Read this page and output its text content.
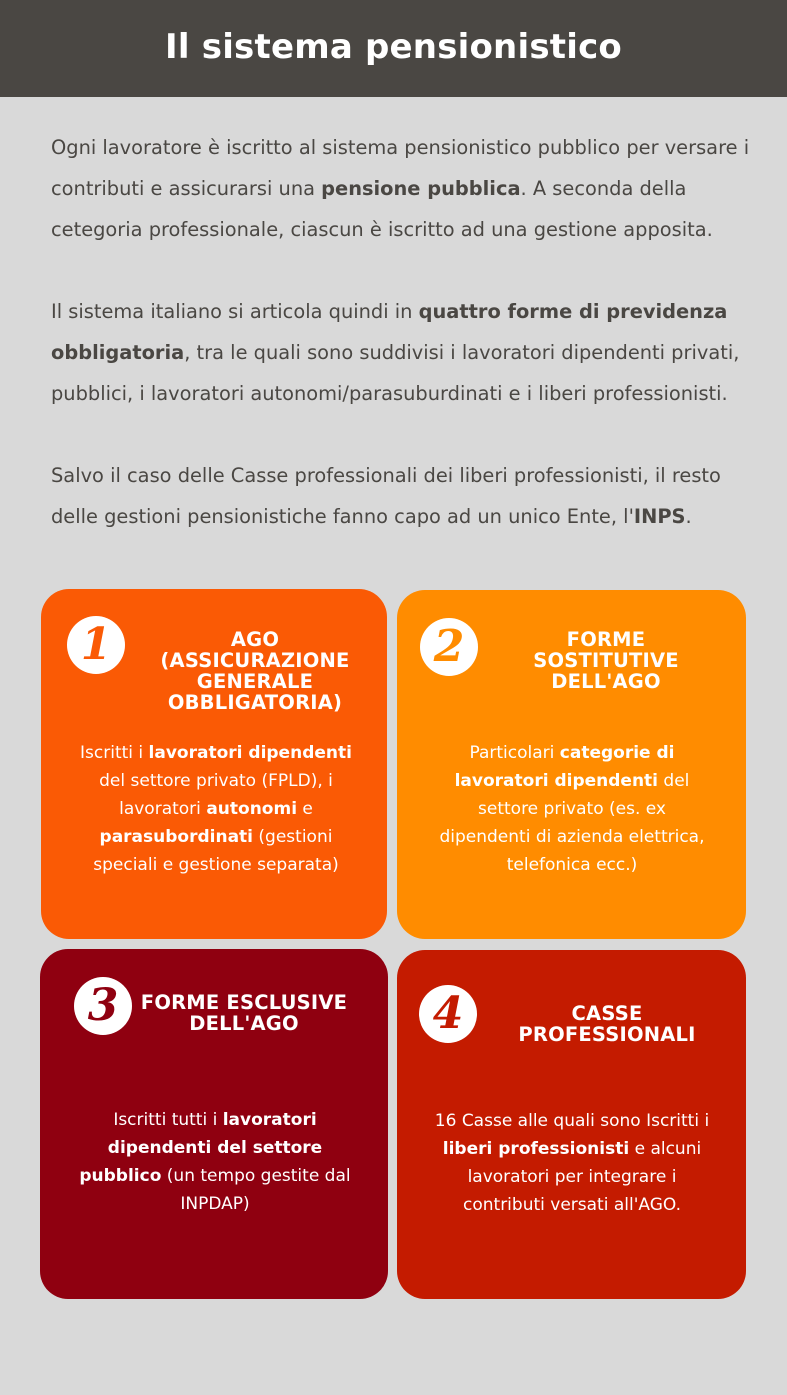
Il sistema pensionistico

Ogni lavoratore è iscritto al sistema pensionistico pubblico per versare i contributi e assicurarsi una pensione pubblica. A seconda della cetegoria professionale, ciascun è iscritto ad una gestione apposita.

Il sistema italiano si articola quindi in quattro forme di previdenza obbligatoria, tra le quali sono suddivisi i lavoratori dipendenti privati, pubblici, i lavoratori autonomi/parasuburdinati e i liberi professionisti.

Salvo il caso delle Casse professionali dei liberi professionisti, il resto delle gestioni pensionistiche fanno capo ad un unico Ente, l'INPS.

1	AGO (ASSICURAZIONE GENERALE OBBLIGATORIA)
Iscritti i lavoratori dipendenti del settore privato (FPLD), i lavoratori autonomi e parasubordinati (gestioni speciali e gestione separata)
2	FORME SOSTITUTIVE DELL'AGO
Particolari categorie di lavoratori dipendenti del settore privato (es. ex dipendenti di azienda elettrica, telefonica ecc.)
3	FORME ESCLUSIVE DELL'AGO
Iscritti tutti i lavoratori dipendenti del settore pubblico (un tempo gestite dal INPDAP)
4	CASSE PROFESSIONALI
16 Casse alle quali sono Iscritti i liberi professionisti e alcuni lavoratori per integrare i contributi versati all'AGO.
